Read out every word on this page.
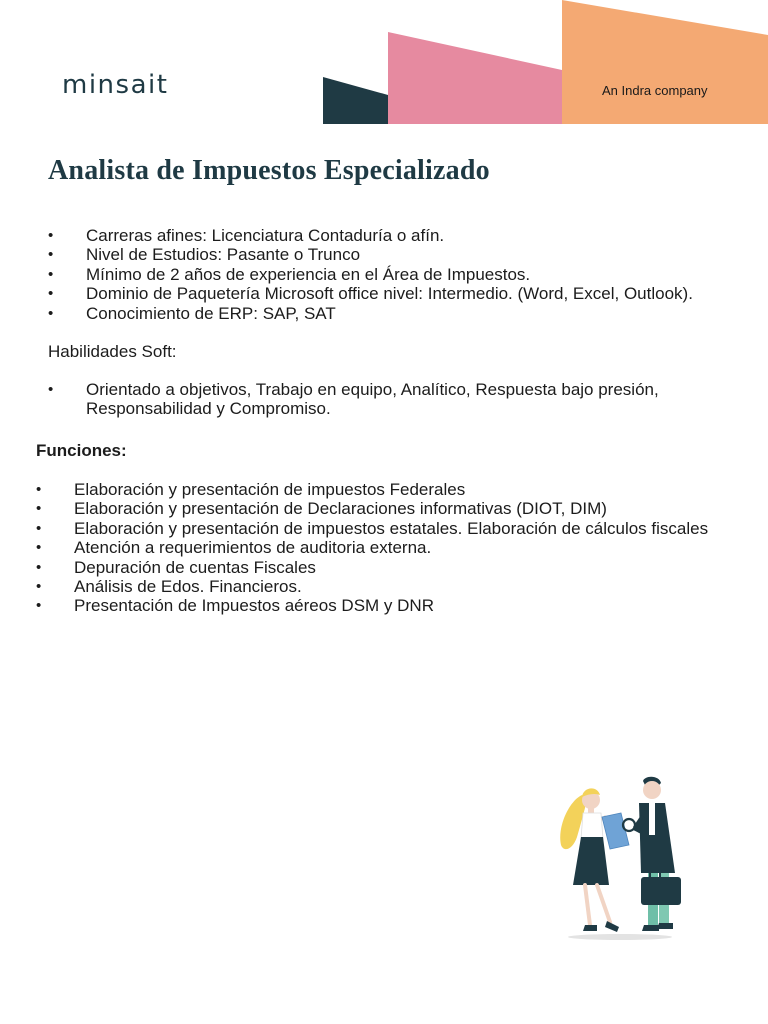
minsait	An Indra company
Analista de Impuestos Especializado
• Carreras afines: Licenciatura Contaduría o afín.
• Nivel de Estudios: Pasante o Trunco
• Mínimo de 2 años de experiencia en el Área de Impuestos.
• Dominio de Paquetería Microsoft office nivel: Intermedio. (Word, Excel, Outlook).
• Conocimiento de ERP: SAP, SAT
Habilidades Soft:
• Orientado a objetivos, Trabajo en equipo, Analítico, Respuesta bajo presión, Responsabilidad y Compromiso.
Funciones:
• Elaboración y presentación de impuestos Federales
• Elaboración y presentación de Declaraciones informativas (DIOT, DIM)
• Elaboración y presentación de impuestos estatales. Elaboración de cálculos fiscales
• Atención a requerimientos de auditoria externa.
• Depuración de cuentas Fiscales
• Análisis de Edos. Financieros.
• Presentación de Impuestos aéreos DSM y DNR
